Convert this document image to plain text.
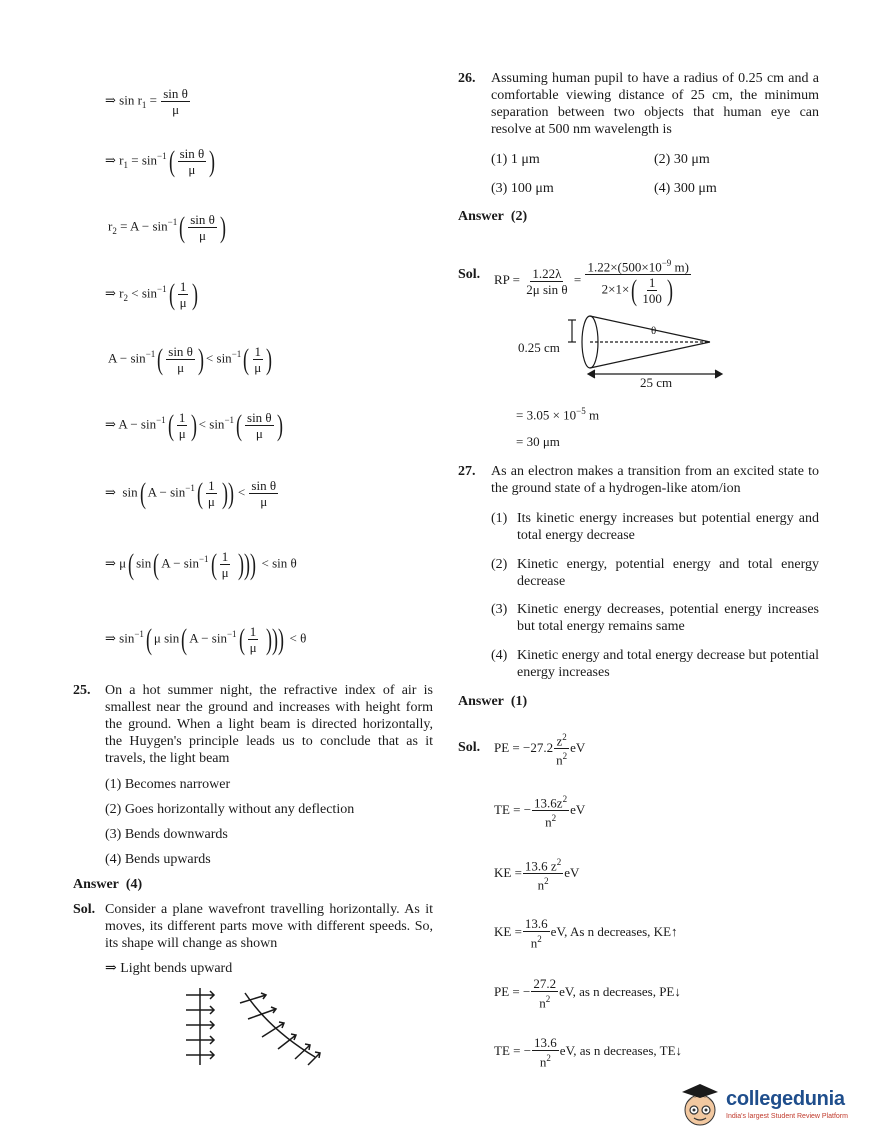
⇒ $\sin r_1 = \frac{\text{sin θ}}{\mu}$
⇒ $r_1 = \sin^{-1}( \frac{\text{sin θ}}{\mu}$ )
$r_2 = A - \sin^{-1}( \frac{\text{sin θ}}{\mu}$ )
⇒ $r_2 < \sin^{-1}( \frac{1}{\mu}$ )
$A - \sin^{-1}( \frac{\text{sin θ}}{\mu}$ ) < $\sin^{-1}( \frac{1}{\mu}$ )
⇒ $A - \sin^{-1}( \frac{1}{\mu}$ ) < $\sin^{-1}( \frac{\text{sin θ}}{\mu}$ )
⇒ sin( $A - \sin^{-1}( \frac{1}{\mu}$ )) < $\frac{\text{sin θ}}{\mu}$
⇒ μ( sin( $A - \sin^{-1}( \frac{1}{\mu}$ ))) < sin θ
⇒ $\sin^{-1}$( μ sin( $A - \sin^{-1}( \frac{1}{\mu}$ ))) < θ
25. On a hot summer night, the refractive index of air is smallest near the ground and increases with height form the ground. When a light beam is directed horizontally, the Huygen's principle leads us to conclude that as it travels, the light beam
(1) Becomes narrower
(2) Goes horizontally without any deflection
(3) Bends downwards
(4) Bends upwards
Answer (4)
Sol. Consider a plane wavefront travelling horizontally. As it moves, its different parts move with different speeds. So, its shape will change as shown
⇒ Light bends upward
26. Assuming human pupil to have a radius of 0.25 cm and a comfortable viewing distance of 25 cm, the minimum separation between two objects that human eye can resolve at 500 nm wavelength is
(1) 1 μm	(2) 30 μm
(3) 100 μm	(4) 300 μm
Answer (2)
Sol. RP = $\frac{1.22\lambda}{\text{2μ sin θ}} = \frac{1.22\times(500\times 10^{-9} m)}{2\times 1\times( \frac{1}{100} )}$
0.25 cm
θ
25 cm
= $3.05 \times 10^{-5}$ m
= 30 μm
27. As an electron makes a transition from an excited state to the ground state of a hydrogen-like atom/ion
(1) Its kinetic energy increases but potential energy and total energy decrease
(2) Kinetic energy, potential energy and total energy decrease
(3) Kinetic energy decreases, potential energy increases but total energy remains same
(4) Kinetic energy and total energy decrease but potential energy increases
Answer (1)
Sol. PE = $-27.2 \frac{z^2}{n^2}$ eV
TE = − $\frac{13.6z^2}{n^2}$ eV
KE = $\frac{13.6 z^2}{n^2}$ eV
KE = $\frac{13.6}{n^2}$ eV, As n decreases, KE↑
PE = − $\frac{27.2}{n^2}$ eV, as n decreases, PE↓
TE = − $\frac{13.6}{n^2}$ eV, as n decreases, TE↓
collegedunia
India's largest Student Review Platform
